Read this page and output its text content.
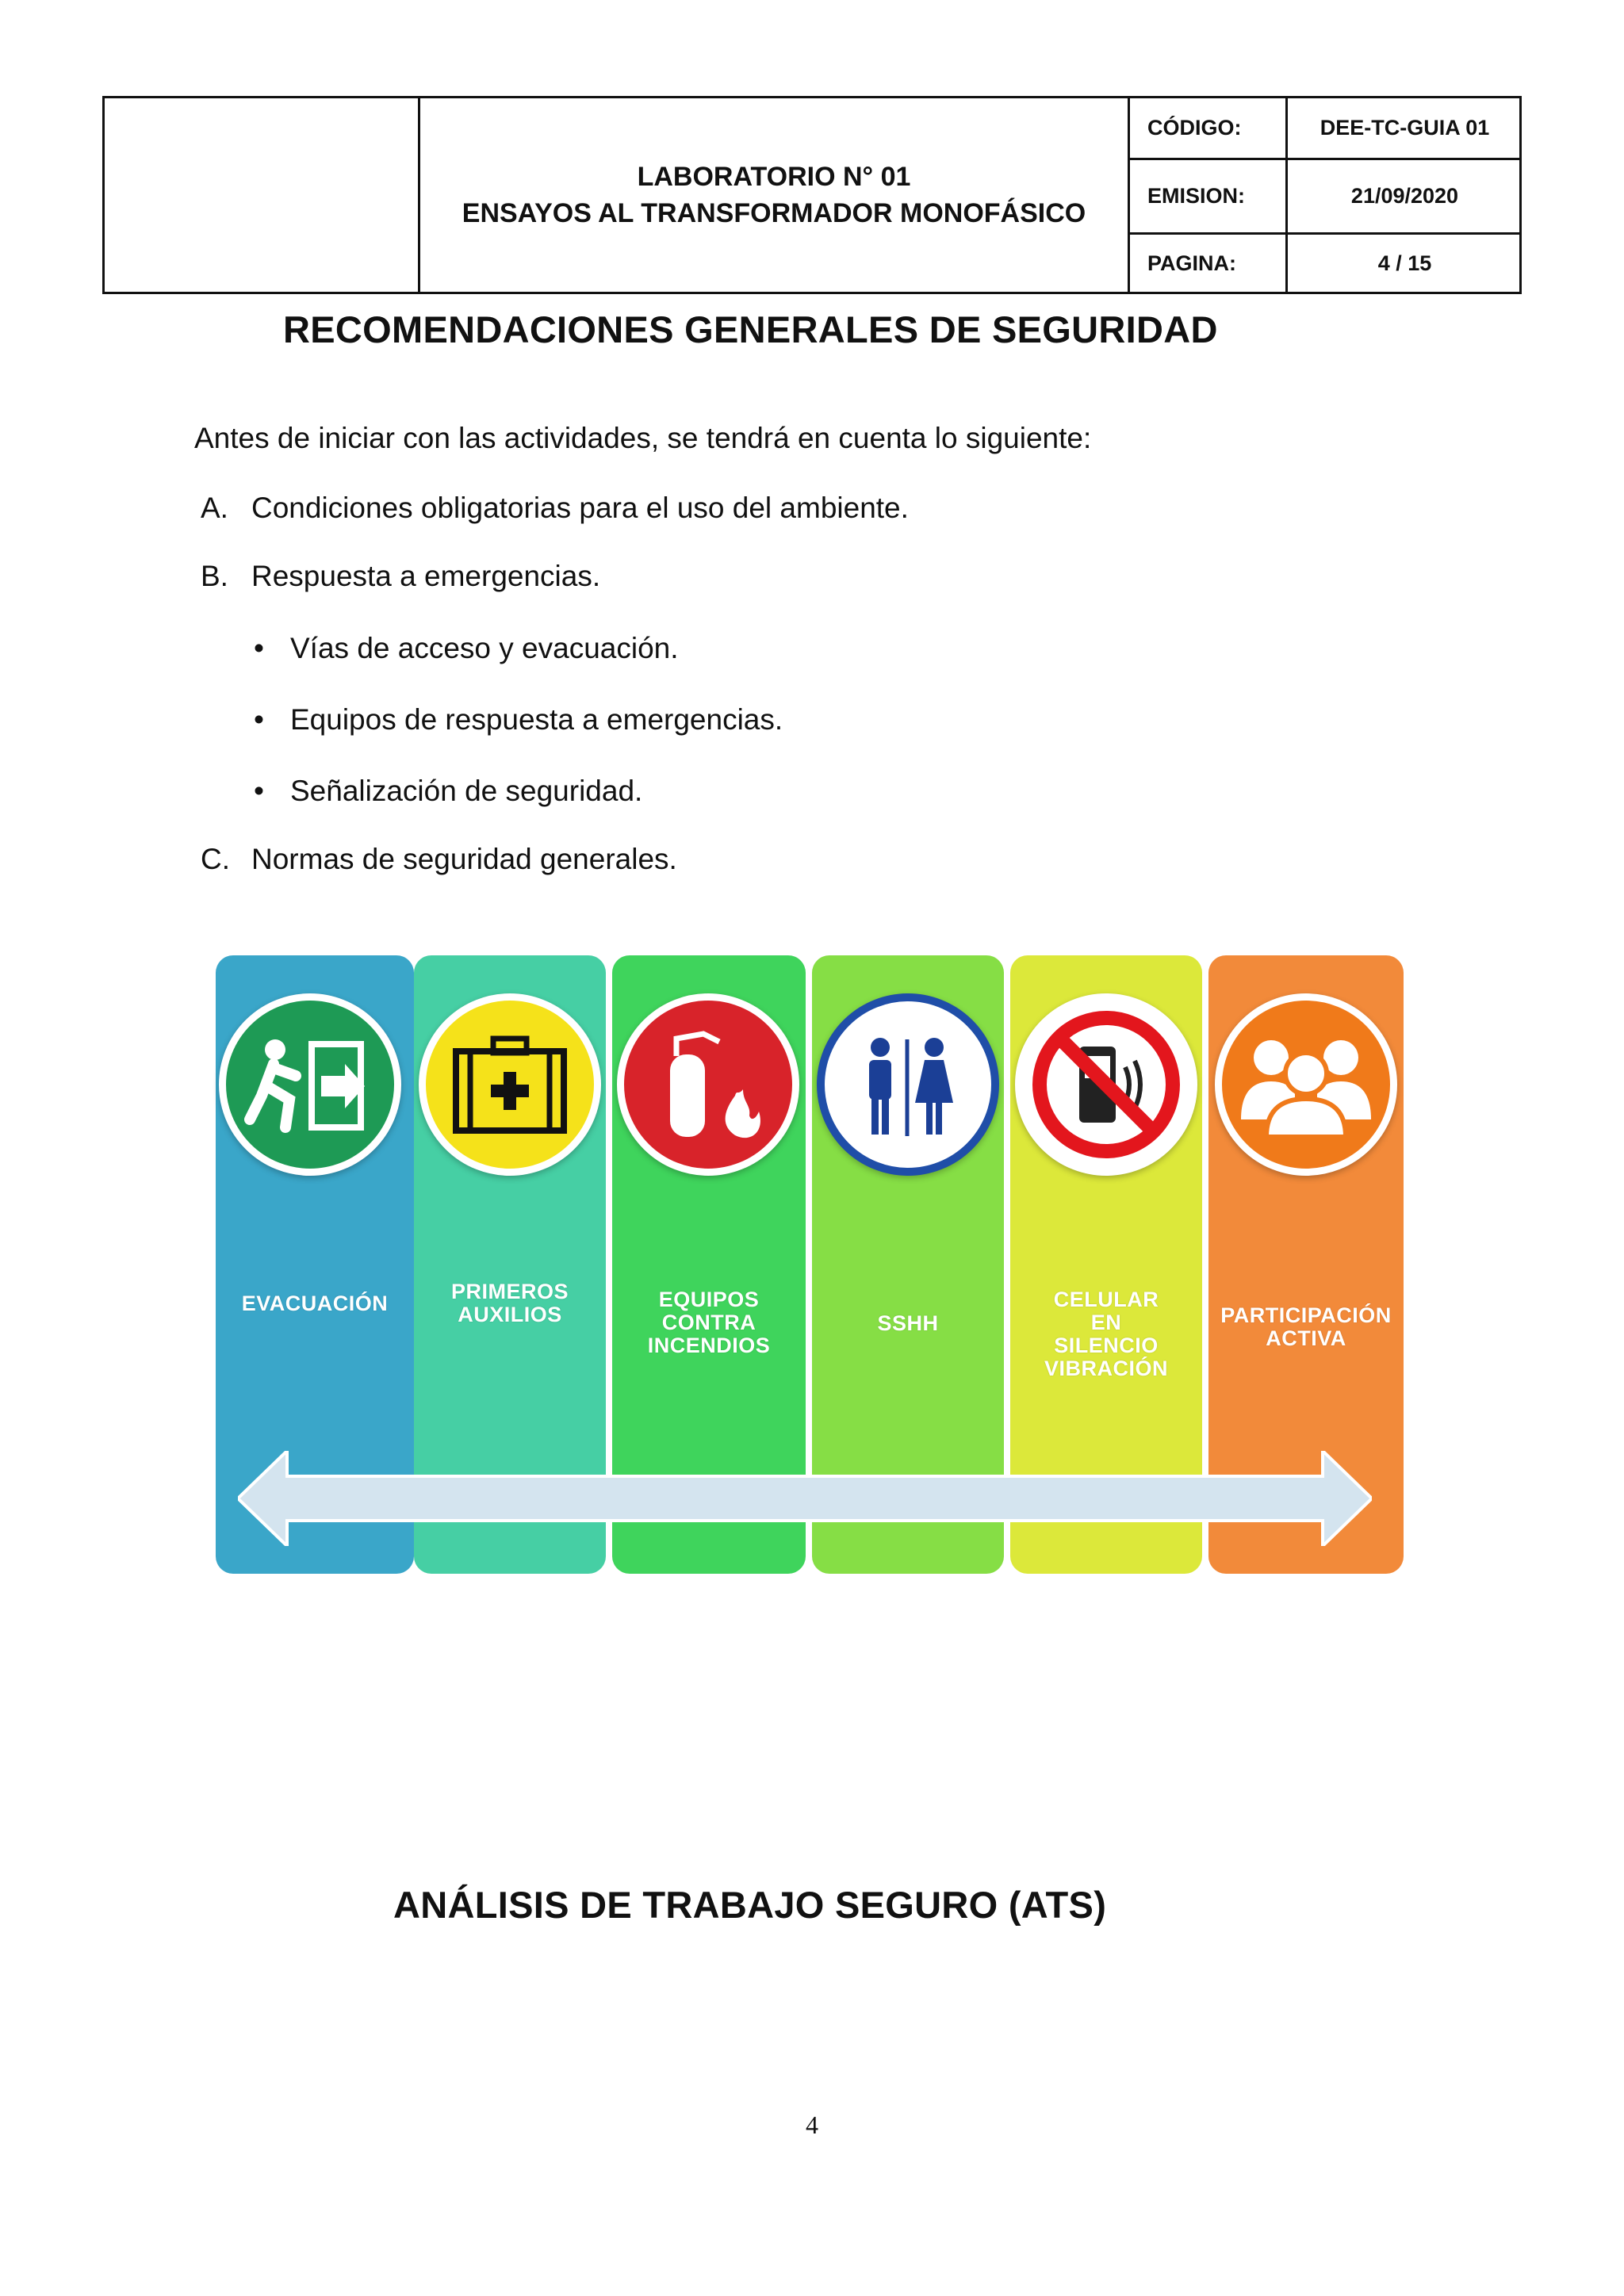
LABORATORIO N° 01
ENSAYOS AL TRANSFORMADOR MONOFÁSICO
CÓDIGO:	DEE-TC-GUIA 01
EMISION:	21/09/2020
PAGINA:	4 / 15
RECOMENDACIONES GENERALES DE SEGURIDAD
Antes de iniciar con las actividades, se tendrá en cuenta lo siguiente:
A. Condiciones obligatorias para el uso del ambiente.
B. Respuesta a emergencias.
• Vías de acceso y evacuación.
• Equipos de respuesta a emergencias.
• Señalización de seguridad.
C. Normas de seguridad generales.
EVACUACIÓN	PRIMEROS
AUXILIOS
EQUIPOS
CONTRA
INCENDIOS
SSHH
CELULAR
EN
SILENCIO
VIBRACIÓN
PARTICIPACIÓN
ACTIVA
ANÁLISIS DE TRABAJO SEGURO (ATS)
4
